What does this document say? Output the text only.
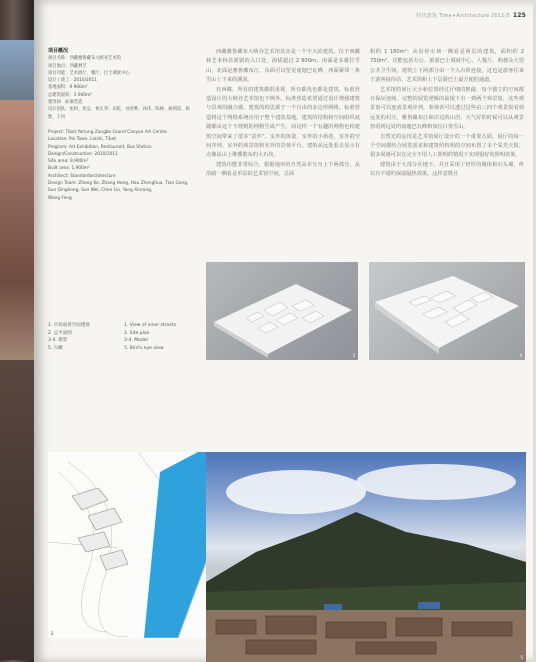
时代建筑 Time+Architecture 2011/5 125
项目概况
项目名称：西藏雅鲁藏布大峡谷艺术馆
项目地点：西藏林芝
项目功能：艺术展厅、餐厅、巴士调度中心
设计 / 竣工：2010/2011
基地面积：9 900m²
总建筑面积：1 900m²
建筑师：标准营造
设计团队：张轲、张弘、侯正华、田乾、孙善晔、孙伟、陈林、杨剑雷、杨紫、王凤
Project: Tibet Yarlung Zangbo Grand Canyon Art Centre
Location: Pai Town, Linzhi, Tibet
Program: Art Exhibition, Restaurant, Bus Station
Design/Construction: 2010/2011
Site area: 9,900m²
Built area: 1,900m²
Architect: Standardarchitecture
Design Team: Zhang Ke, Zhang Hong, Hou Zhenghua, Tian Geng,
Sun Qinghong, Sun Wei, Chen Lin, Yang Xinrong,
Wang Feng

西藏雅鲁藏布大峡谷艺术馆其实是一个不大的建筑，位于西藏林芝米林县派镇的入口处，海拔超过 2 900m。南面是多雄拉雪山，北面是雅鲁藏布江，东面可以望见南迦巴瓦峰，西面紧邻一条雪山上下来的溪流。

在西藏，所有的建筑都很重视，所有都优也都是建筑，标准营造设计的大峡谷艺术馆也不例外。标准营造希望通过设计增强建筑与景观的融合感。建筑的构思源于一个自由的多边形网格，标准营造将这个网格系统应用于整个建筑基地。建筑的结构和空间组织度随都由这个不规则的网格生成产生，而这样一个有趣的网格也构建筑空间带来了很多“意外”。室外的体量、室外的小街巷、室外的空间序列、室外的观景窗和室外的景观平台，建筑从远处看去显示有点像高山上堆叠散布的大石块。

建筑功能非常综合，根据地形的自然高差分为上下两部分。从沿路一侧看是单层的艺术馆空间，总面

积约 1 180m²；从沿停车场一侧看是两层的建筑，面积约 2 750m²，功能包括办公、旅游巴士调度中心、人餐厅、购便及大型公共卫生间。建筑上下两部分由一个入台阶连接，这也是游客往来于游客接待站、艺术馆和上下层游巴士最方便的通道。

艺术馆的展厅大小和位置经过仔细的推敲，每个独立的空间都在保证连续、完整的展览逻辑的前提下有一到两个观景窗，这些观景窗可以连成景观序列，参观者可以透过这些由三四个观景窗看到远处的村庄，雅鲁藏布江和岸边的山峦、天气好的时候可以从观景窗看到远处的南迦巴瓦峰和加拉白垒雪山。

自然光的运用是艺术馆展厅设计的一个重要方面，展厅的每一个空间都结合展览需求和建筑结构相的空间布置了多个采光天窗，很多展墙可以在完全不用人工照明的情况下实现很好的照明效果。

建筑由于大部分在地下，并且采用了轻厚的墙体和石头墙，所以有不错的保温隔热效果。这样意既且

3	4
1. 市场面客空间透视
2. 总平面图
3-4. 模型
5. 鸟瞰
1. View of inner streets
2. Site plan
3-4. Model
5. Bird's eye view
2
5
